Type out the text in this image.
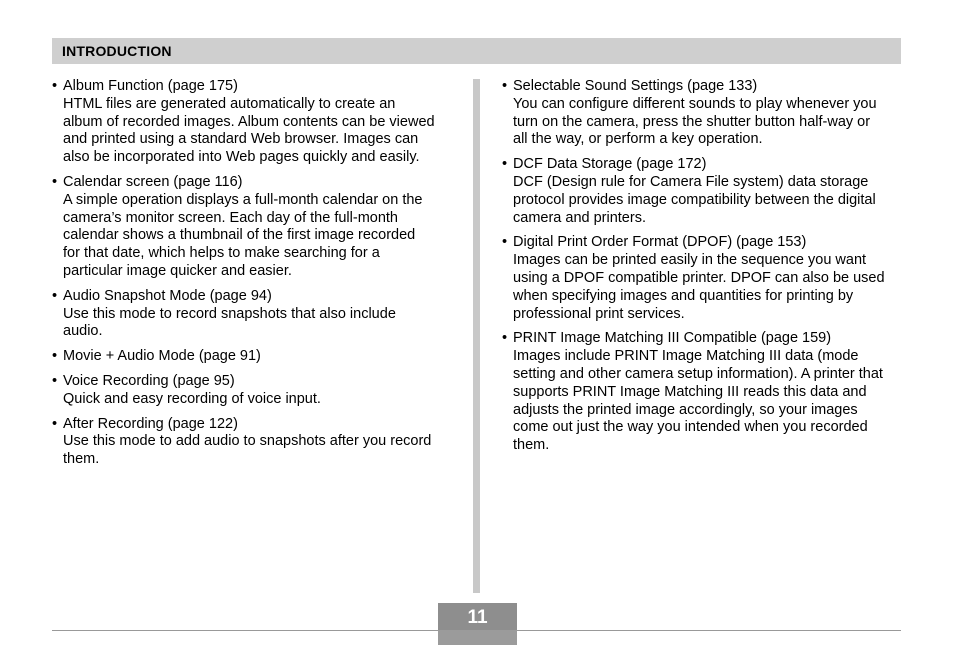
INTRODUCTION
• Album Function (page 175)
HTML files are generated automatically to create an
album of recorded images. Album contents can be viewed
and printed using a standard Web browser. Images can
also be incorporated into Web pages quickly and easily.
• Calendar screen (page 116)
A simple operation displays a full-month calendar on the
camera’s monitor screen. Each day of the full-month
calendar shows a thumbnail of the first image recorded
for that date, which helps to make searching for a
particular image quicker and easier.
• Audio Snapshot Mode (page 94)
Use this mode to record snapshots that also include
audio.
• Movie + Audio Mode (page 91)
• Voice Recording (page 95)
Quick and easy recording of voice input.
• After Recording (page 122)
Use this mode to add audio to snapshots after you record
them.
• Selectable Sound Settings (page 133)
You can configure different sounds to play whenever you
turn on the camera, press the shutter button half-way or
all the way, or perform a key operation.
• DCF Data Storage (page 172)
DCF (Design rule for Camera File system) data storage
protocol provides image compatibility between the digital
camera and printers.
• Digital Print Order Format (DPOF) (page 153)
Images can be printed easily in the sequence you want
using a DPOF compatible printer. DPOF can also be used
when specifying images and quantities for printing by
professional print services.
• PRINT Image Matching III Compatible (page 159)
Images include PRINT Image Matching III data (mode
setting and other camera setup information). A printer that
supports PRINT Image Matching III reads this data and
adjusts the printed image accordingly, so your images
come out just the way you intended when you recorded
them.
11
